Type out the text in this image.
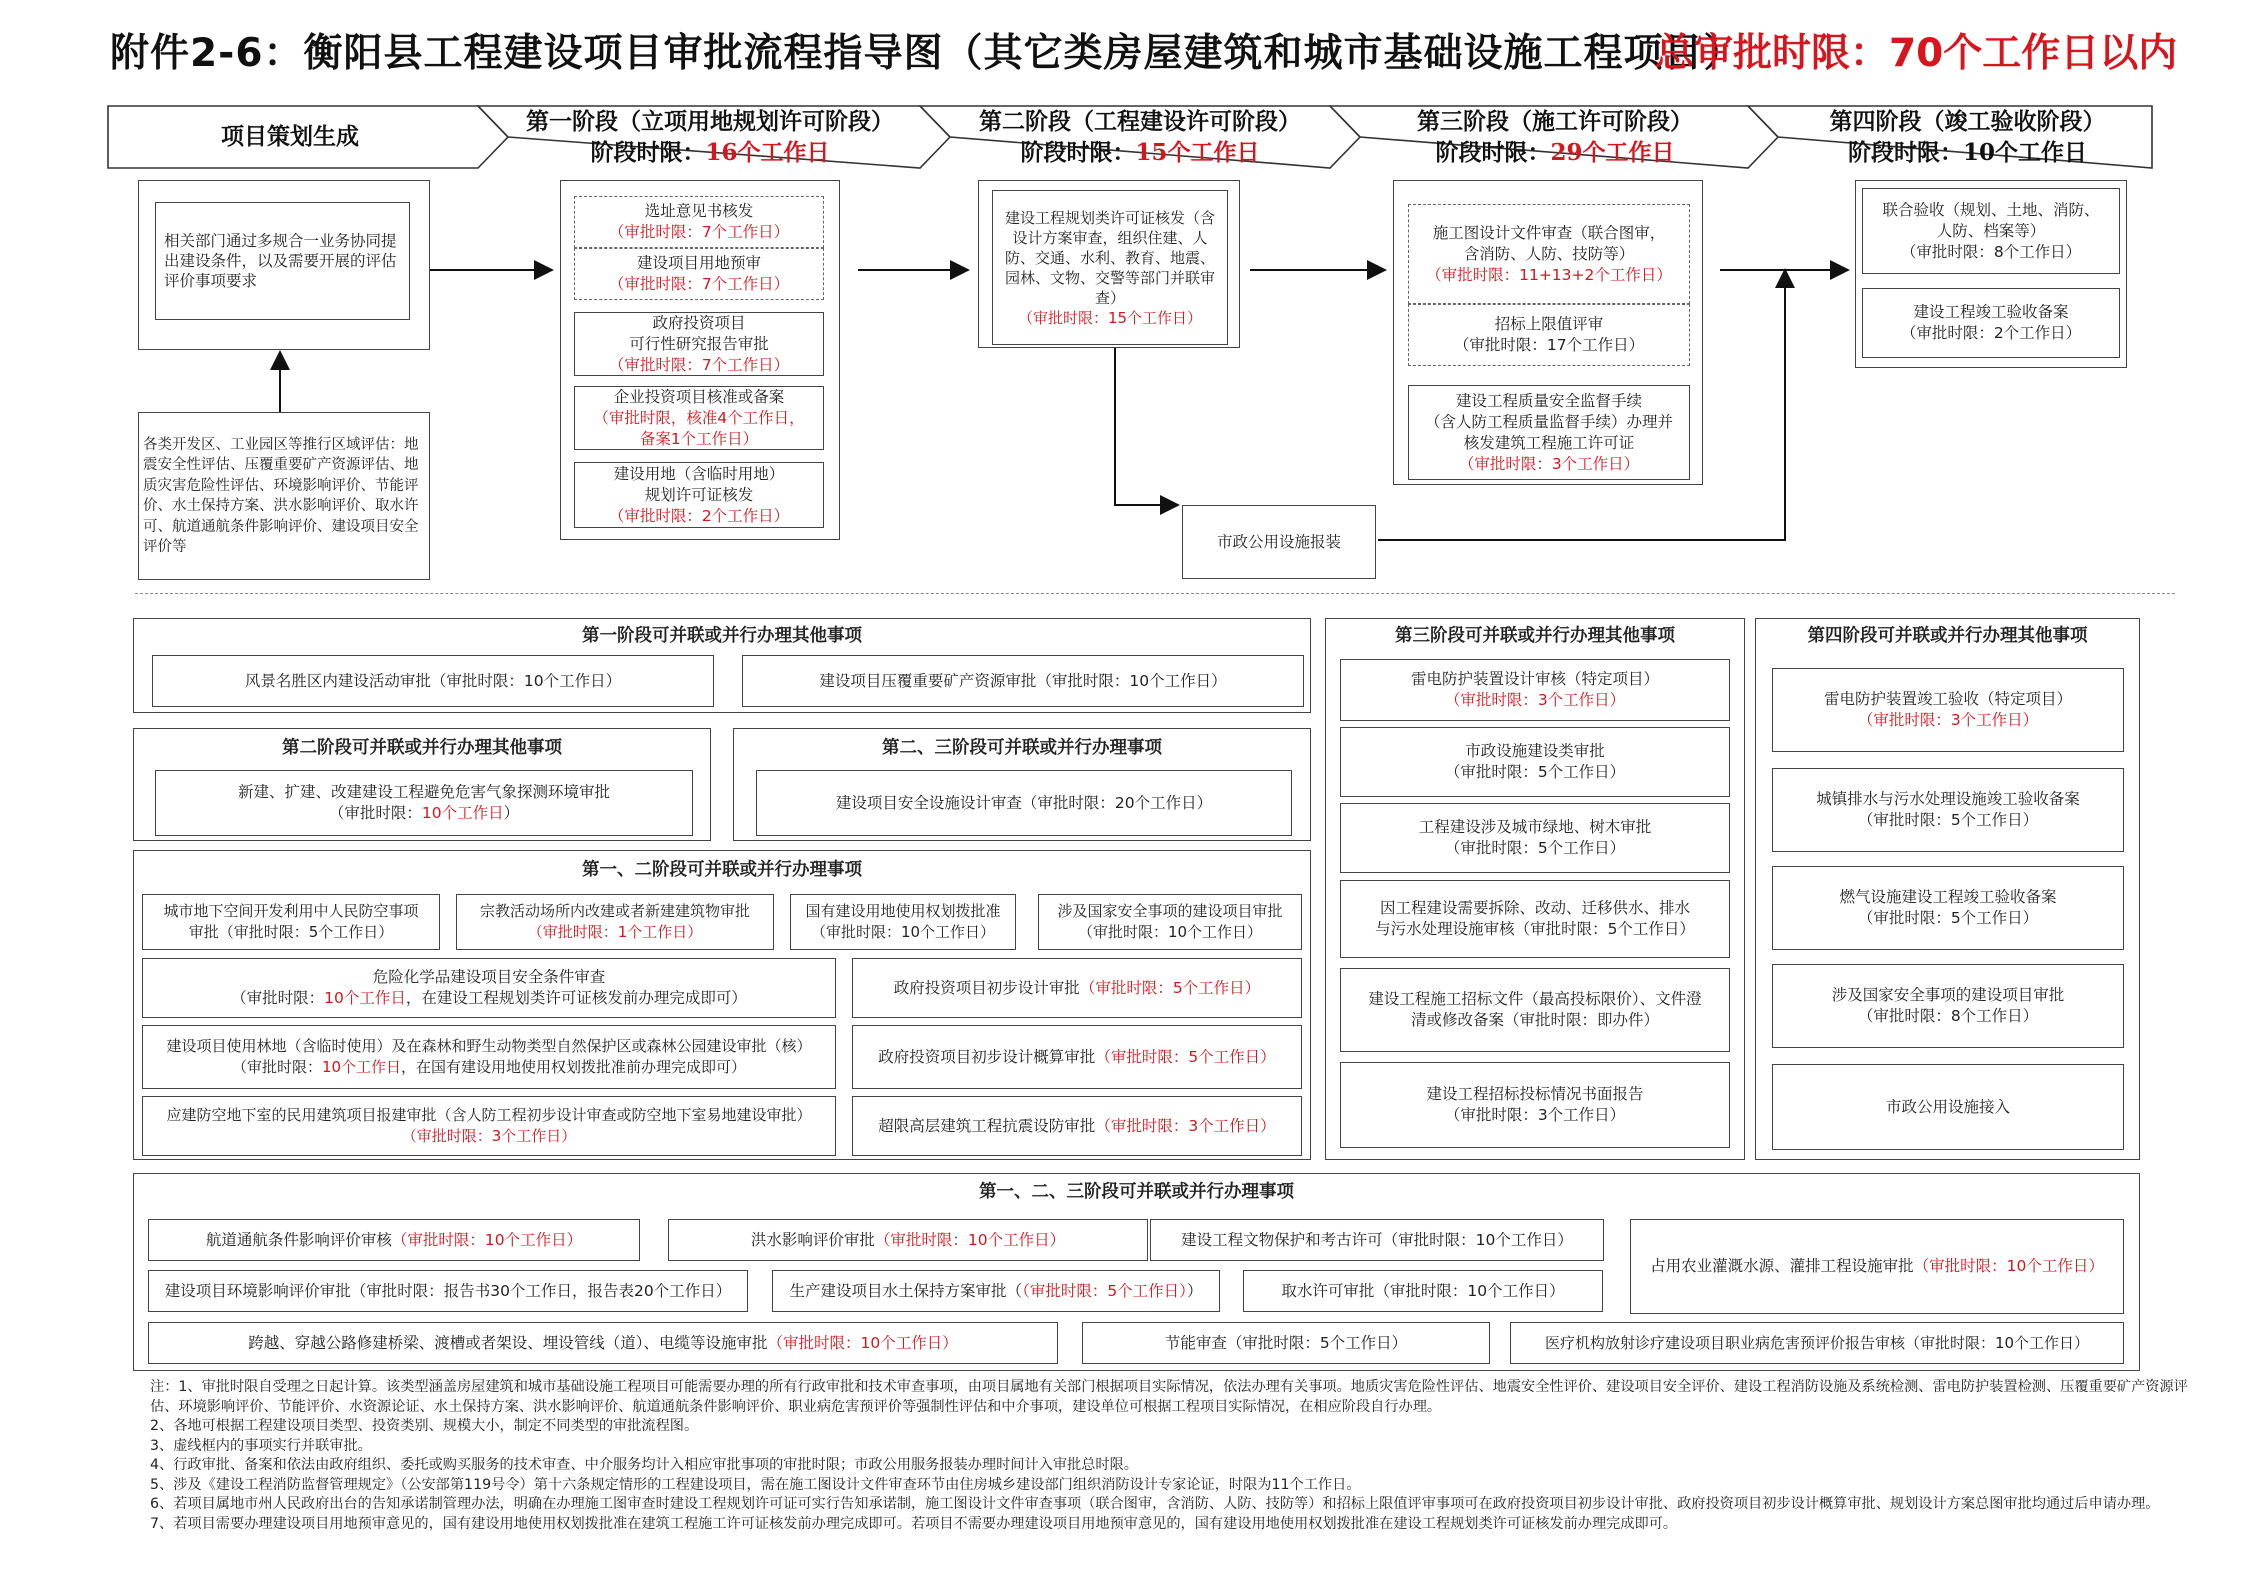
附件2-6：衡阳县工程建设项目审批流程指导图（其它类房屋建筑和城市基础设施工程项目）
总审批时限：70个工作日以内
项目策划生成
第一阶段（立项用地规划许可阶段）
阶段时限：16个工作日
第二阶段（工程建设许可阶段）
阶段时限：15个工作日
第三阶段（施工许可阶段）
阶段时限：29个工作日
第四阶段（竣工验收阶段）
阶段时限：10个工作日
相关部门通过多规合一业务协同提出建设条件，以及需要开展的评估评价事项要求
各类开发区、工业园区等推行区域评估：地震安全性评估、压覆重要矿产资源评估、地质灾害危险性评估、环境影响评价、节能评价、水土保持方案、洪水影响评价、取水许可、航道通航条件影响评价、建设项目安全评价等
选址意见书核发
（审批时限：7个工作日）
建设项目用地预审
（审批时限：7个工作日）
政府投资项目
可行性研究报告审批
（审批时限：7个工作日）
企业投资项目核准或备案
（审批时限，核准4个工作日，
备案1个工作日）
建设用地（含临时用地）
规划许可证核发
（审批时限：2个工作日）
建设工程规划类许可证核发（含设计方案审查，组织住建、人防、交通、水利、教育、地震、园林、文物、交警等部门并联审查）
（审批时限：15个工作日）
市政公用设施报装
施工图设计文件审查（联合图审，
含消防、人防、技防等）
（审批时限：11+13+2个工作日）
招标上限值评审
（审批时限：17个工作日）
建设工程质量安全监督手续
（含人防工程质量监督手续）办理并
核发建筑工程施工许可证
（审批时限：3个工作日）
联合验收（规划、土地、消防、
人防、档案等）
（审批时限：8个工作日）
建设工程竣工验收备案
（审批时限：2个工作日）
第一阶段可并联或并行办理其他事项
风景名胜区内建设活动审批（审批时限：10个工作日）	建设项目压覆重要矿产资源审批（审批时限：10个工作日）
第二阶段可并联或并行办理其他事项
新建、扩建、改建建设工程避免危害气象探测环境审批
（审批时限：10个工作日）
第二、三阶段可并联或并行办理事项
建设项目安全设施设计审查（审批时限：20个工作日）
第一、二阶段可并联或并行办理事项
城市地下空间开发利用中人民防空事项
审批（审批时限：5个工作日）
宗教活动场所内改建或者新建建筑物审批
（审批时限：1个工作日）
国有建设用地使用权划拨批准
（审批时限：10个工作日）
涉及国家安全事项的建设项目审批
（审批时限：10个工作日）
危险化学品建设项目安全条件审查
（审批时限：10个工作日，在建设工程规划类许可证核发前办理完成即可）
政府投资项目初步设计审批（审批时限：5个工作日）
建设项目使用林地（含临时使用）及在森林和野生动物类型自然保护区或森林公园建设审批（核）
（审批时限：10个工作日，在国有建设用地使用权划拨批准前办理完成即可）
政府投资项目初步设计概算审批（审批时限：5个工作日）
应建防空地下室的民用建筑项目报建审批（含人防工程初步设计审查或防空地下室易地建设审批）
（审批时限：3个工作日）
超限高层建筑工程抗震设防审批（审批时限：3个工作日）
第三阶段可并联或并行办理其他事项
雷电防护装置设计审核（特定项目）
（审批时限：3个工作日）
市政设施建设类审批
（审批时限：5个工作日）
工程建设涉及城市绿地、树木审批
（审批时限：5个工作日）
因工程建设需要拆除、改动、迁移供水、排水
与污水处理设施审核（审批时限：5个工作日）
建设工程施工招标文件（最高投标限价）、文件澄
清或修改备案（审批时限：即办件）
建设工程招标投标情况书面报告
（审批时限：3个工作日）
第四阶段可并联或并行办理其他事项
雷电防护装置竣工验收（特定项目）
（审批时限：3个工作日）
城镇排水与污水处理设施竣工验收备案
（审批时限：5个工作日）
燃气设施建设工程竣工验收备案
（审批时限：5个工作日）
涉及国家安全事项的建设项目审批
（审批时限：8个工作日）
市政公用设施接入
第一、二、三阶段可并联或并行办理事项
航道通航条件影响评价审核（审批时限：10个工作日）	洪水影响评价审批（审批时限：10个工作日）	建设工程文物保护和考古许可（审批时限：10个工作日）
占用农业灌溉水源、灌排工程设施审批（审批时限：10个工作日）
建设项目环境影响评价审批（审批时限：报告书30个工作日，报告表20个工作日）	生产建设项目水土保持方案审批（（审批时限：5个工作日））	取水许可审批（审批时限：10个工作日）
跨越、穿越公路修建桥梁、渡槽或者架设、埋设管线（道）、电缆等设施审批（审批时限：10个工作日）	节能审查（审批时限：5个工作日）	医疗机构放射诊疗建设项目职业病危害预评价报告审核（审批时限：10个工作日）

注：1、审批时限自受理之日起计算。该类型涵盖房屋建筑和城市基础设施工程项目可能需要办理的所有行政审批和技术审查事项，由项目属地有关部门根据项目实际情况，依法办理有关事项。地质灾害危险性评估、地震安全性评价、建设项目安全评价、建设工程消防设施及系统检测、雷电防护装置检测、压覆重要矿产资源评估、环境影响评价、节能评价、水资源论证、水土保持方案、洪水影响评价、航道通航条件影响评价、职业病危害预评价等强制性评估和中介事项，建设单位可根据工程项目实际情况，在相应阶段自行办理。

2、各地可根据工程建设项目类型、投资类别、规模大小，制定不同类型的审批流程图。

3、虚线框内的事项实行并联审批。

4、行政审批、备案和依法由政府组织、委托或购买服务的技术审查、中介服务均计入相应审批事项的审批时限；市政公用服务报装办理时间计入审批总时限。

5、涉及《建设工程消防监督管理规定》（公安部第119号令）第十六条规定情形的工程建设项目，需在施工图设计文件审查环节由住房城乡建设部门组织消防设计专家论证，时限为11个工作日。

6、若项目属地市州人民政府出台的告知承诺制管理办法，明确在办理施工图审查时建设工程规划许可证可实行告知承诺制，施工图设计文件审查事项（联合图审，含消防、人防、技防等）和招标上限值评审事项可在政府投资项目初步设计审批、政府投资项目初步设计概算审批、规划设计方案总图审批均通过后申请办理。

7、若项目需要办理建设项目用地预审意见的，国有建设用地使用权划拨批准在建筑工程施工许可证核发前办理完成即可。若项目不需要办理建设项目用地预审意见的，国有建设用地使用权划拨批准在建设工程规划类许可证核发前办理完成即可。
